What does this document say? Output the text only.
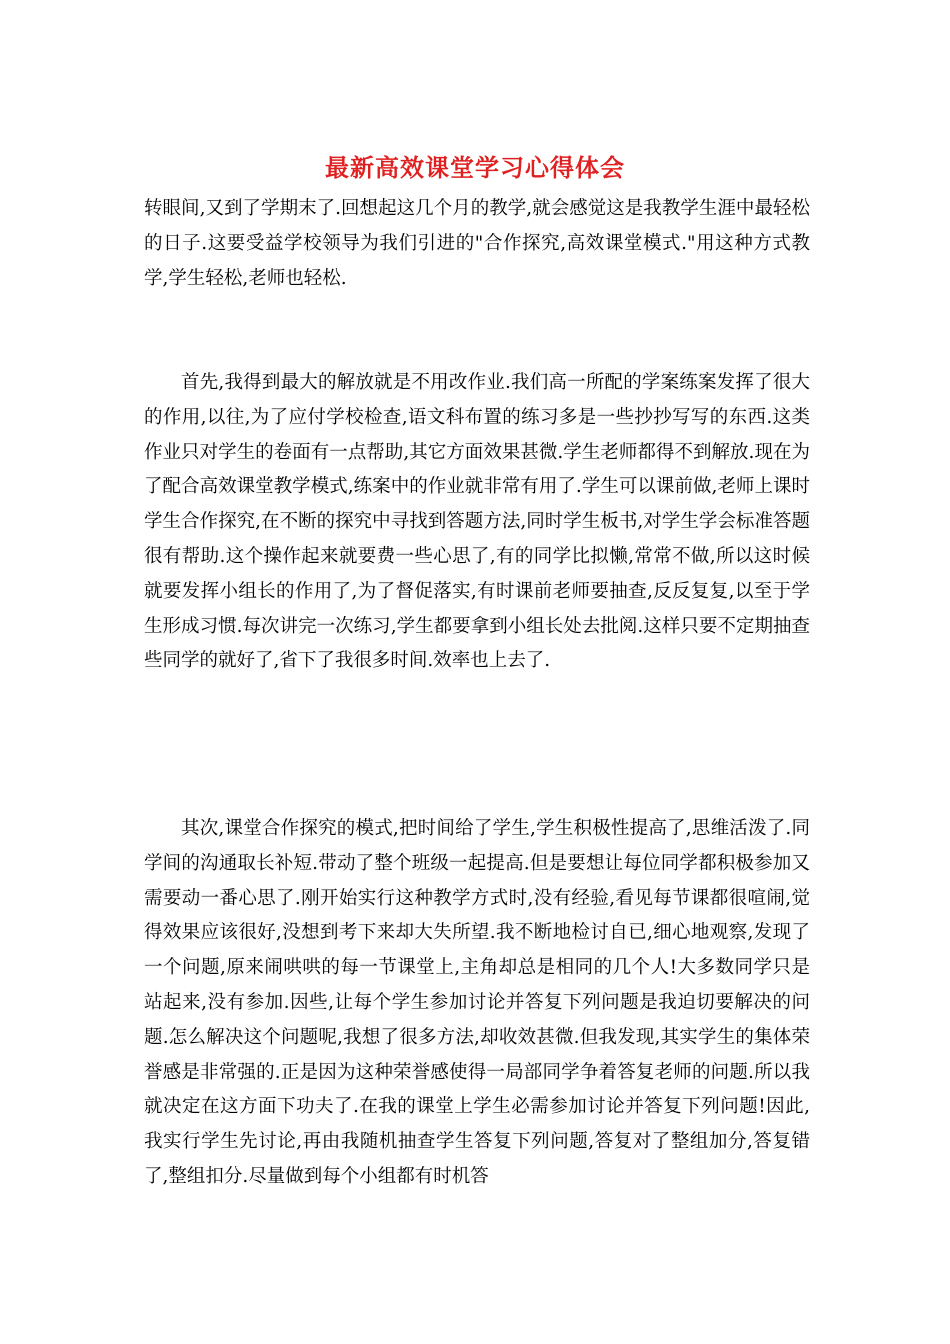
最新高效课堂学习心得体会

转眼间,又到了学期末了.回想起这几个月的教学,就会感觉这是我教学生涯中最轻松的日子.这要受益学校领导为我们引进的"合作探究,高效课堂模式."用这种方式教学,学生轻松,老师也轻松.

首先,我得到最大的解放就是不用改作业.我们高一所配的学案练案发挥了很大的作用,以往,为了应付学校检查,语文科布置的练习多是一些抄抄写写的东西.这类作业只对学生的卷面有一点帮助,其它方面效果甚微.学生老师都得不到解放.现在为了配合高效课堂教学模式,练案中的作业就非常有用了.学生可以课前做,老师上课时学生合作探究,在不断的探究中寻找到答题方法,同时学生板书,对学生学会标准答题很有帮助.这个操作起来就要费一些心思了,有的同学比拟懒,常常不做,所以这时候就要发挥小组长的作用了,为了督促落实,有时课前老师要抽查,反反复复,以至于学生形成习惯.每次讲完一次练习,学生都要拿到小组长处去批阅.这样只要不定期抽查些同学的就好了,省下了我很多时间.效率也上去了.

其次,课堂合作探究的模式,把时间给了学生,学生积极性提高了,思维活泼了.同学间的沟通取长补短.带动了整个班级一起提高.但是要想让每位同学都积极参加又需要动一番心思了.刚开始实行这种教学方式时,没有经验,看见每节课都很喧闹,觉得效果应该很好,没想到考下来却大失所望.我不断地检讨自已,细心地观察,发现了一个问题,原来闹哄哄的每一节课堂上,主角却总是相同的几个人!大多数同学只是站起来,没有参加.因些,让每个学生参加讨论并答复下列问题是我迫切要解决的问题.怎么解决这个问题呢,我想了很多方法,却收效甚微.但我发现,其实学生的集体荣誉感是非常强的.正是因为这种荣誉感使得一局部同学争着答复老师的问题.所以我就决定在这方面下功夫了.在我的课堂上学生必需参加讨论并答复下列问题!因此,我实行学生先讨论,再由我随机抽查学生答复下列问题,答复对了整组加分,答复错了,整组扣分.尽量做到每个小组都有时机答
